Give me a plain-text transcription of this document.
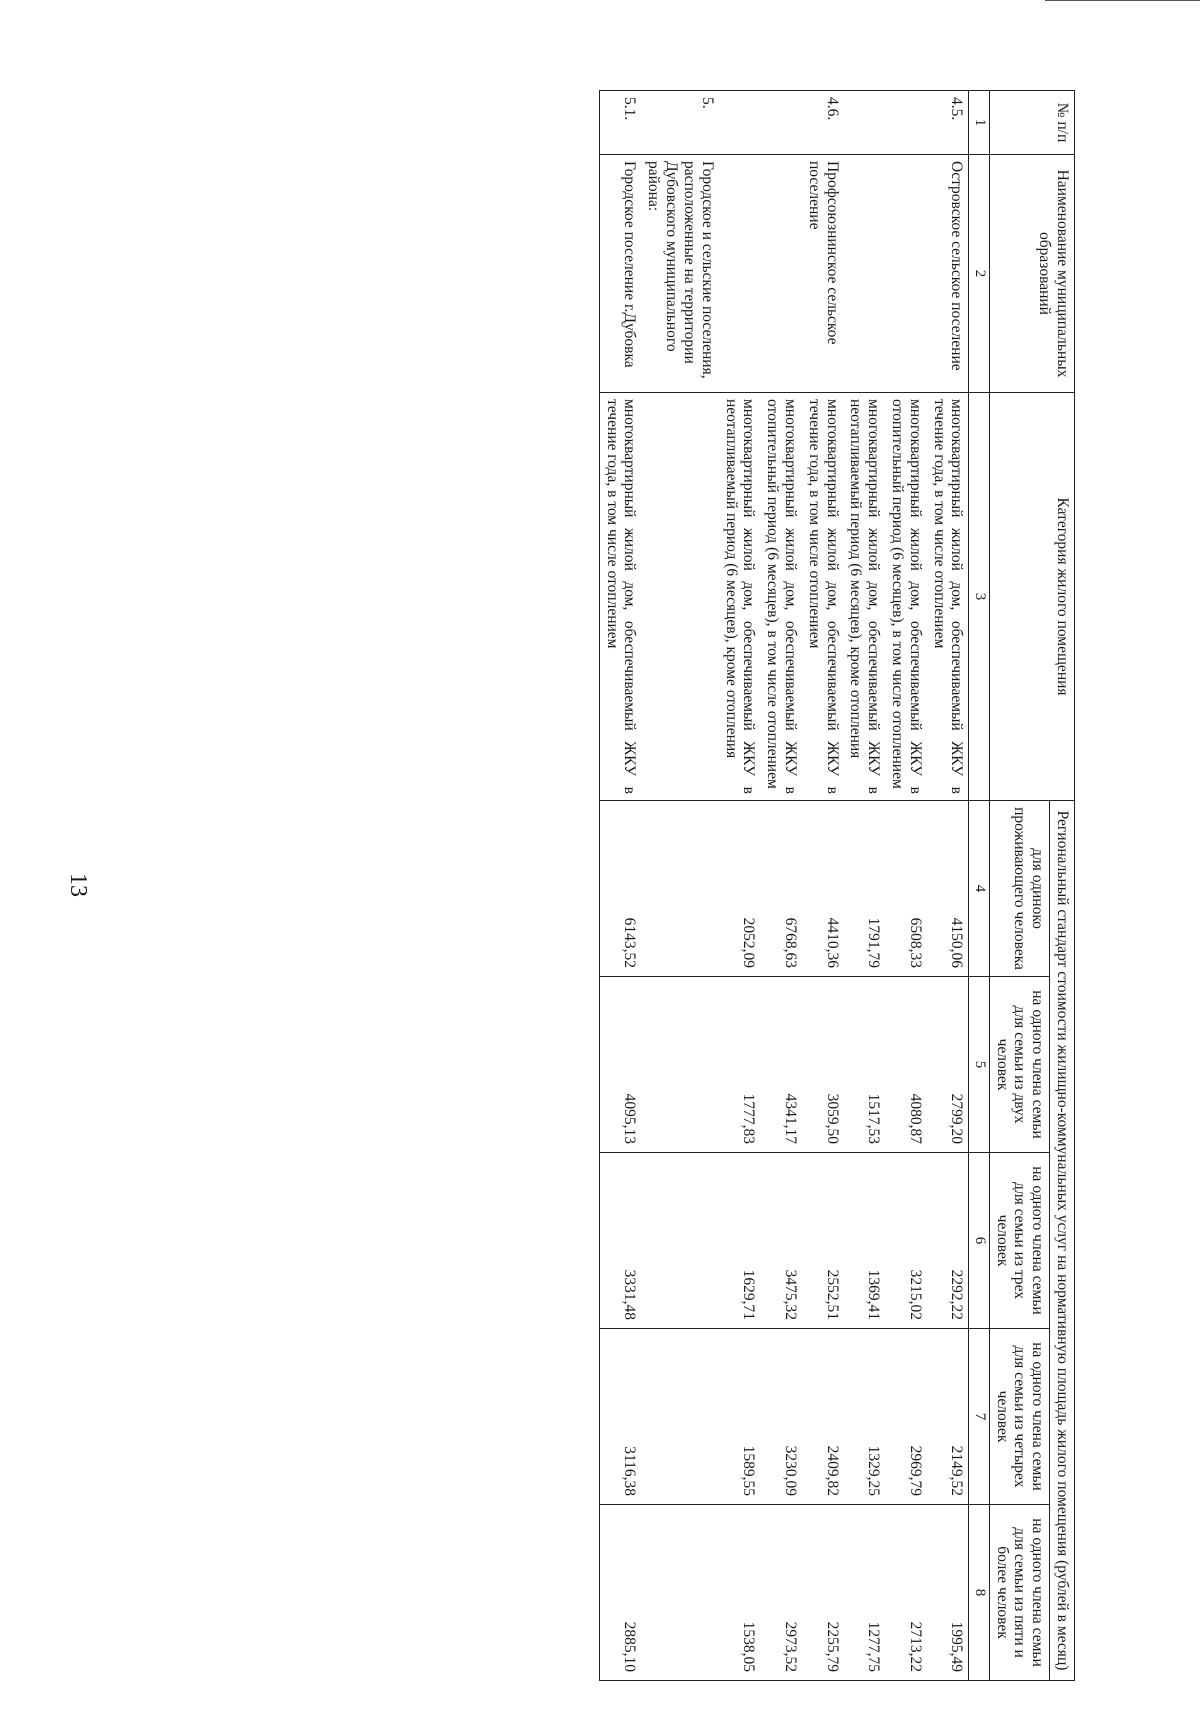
13
№ п/п	Наименование муниципальных образований	Категория жилого помещения	Региональный стандарт стоимости жилищно-коммунальных услуг на нормативную площадь жилого помещения (рублей в месяц)				
			для одиноко проживающего человека	на одного члена семьи для семьи из двух человек	на одного члена семьи для семьи из трех человек	на одного члена семьи для семьи из четырех человек	на одного члена семьи для семьи из пяти и более человек
1	2	3	4	5	6	7	8
4.5.	Островское сельское поселение	многоквартирный жилой дом, обеспечиваемый ЖКУ в течение года, в том числе отоплением	4150,06	2799,20	2292,22	2149,52	1995,49
		многоквартирный жилой дом, обеспечиваемый ЖКУ в отопительный период (6 месяцев), в том числе отоплением	6508,33	4080,87	3215,02	2969,79	2713,22
		многоквартирный жилой дом, обеспечиваемый ЖКУ в неотапливаемый период (6 месяцев), кроме отопления	1791,79	1517,53	1369,41	1329,25	1277,75
4.6.	Профсоюзнинское сельское поселение	многоквартирный жилой дом, обеспечиваемый ЖКУ в течение года, в том числе отоплением	4410,36	3059,50	2552,51	2409,82	2255,79
		многоквартирный жилой дом, обеспечиваемый ЖКУ в отопительный период (6 месяцев), в том числе отоплением	6768,63	4341,17	3475,32	3230,09	2973,52
		многоквартирный жилой дом, обеспечиваемый ЖКУ в неотапливаемый период (6 месяцев), кроме отопления	2052,09	1777,83	1629,71	1589,55	1538,05
5.	Городское и сельские поселения, расположенные на территории Дубовского муниципального района:						
5.1.	Городское поселение г.Дубовка	многоквартирный жилой дом, обеспечиваемый ЖКУ в течение года, в том числе отоплением	6143,52	4095,13	3331,48	3116,38	2885,10
